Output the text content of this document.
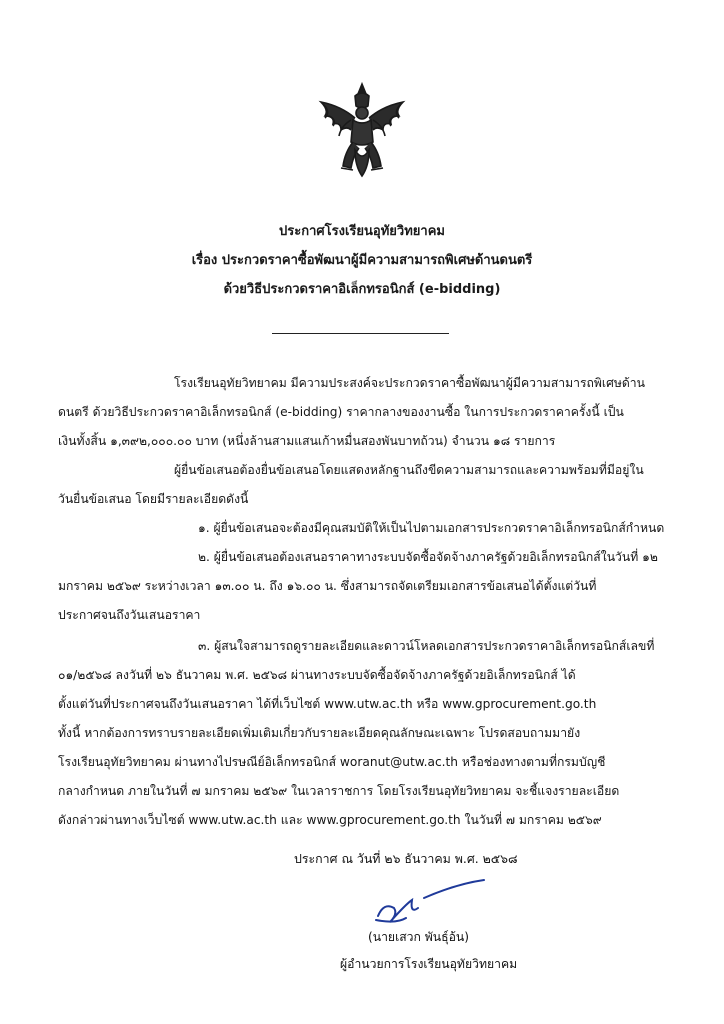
ประกาศโรงเรียนอุทัยวิทยาคม
เรื่อง ประกวดราคาซื้อพัฒนาผู้มีความสามารถพิเศษด้านดนตรี
ด้วยวิธีประกวดราคาอิเล็กทรอนิกส์ (e-bidding)
โรงเรียนอุทัยวิทยาคม มีความประสงค์จะประกวดราคาซื้อพัฒนาผู้มีความสามารถพิเศษด้าน
ดนตรี ด้วยวิธีประกวดราคาอิเล็กทรอนิกส์ (e-bidding) ราคากลางของงานซื้อ ในการประกวดราคาครั้งนี้ เป็น
เงินทั้งสิ้น ๑,๓๙๒,๐๐๐.๐๐ บาท (หนึ่งล้านสามแสนเก้าหมื่นสองพันบาทถ้วน) จำนวน ๑๘ รายการ
ผู้ยื่นข้อเสนอต้องยื่นข้อเสนอโดยแสดงหลักฐานถึงขีดความสามารถและความพร้อมที่มีอยู่ใน
วันยื่นข้อเสนอ โดยมีรายละเอียดดังนี้
๑. ผู้ยื่นข้อเสนอจะต้องมีคุณสมบัติให้เป็นไปตามเอกสารประกวดราคาอิเล็กทรอนิกส์กำหนด
๒. ผู้ยื่นข้อเสนอต้องเสนอราคาทางระบบจัดซื้อจัดจ้างภาครัฐด้วยอิเล็กทรอนิกส์ในวันที่ ๑๒
มกราคม ๒๕๖๙ ระหว่างเวลา ๑๓.๐๐ น. ถึง ๑๖.๐๐ น. ซึ่งสามารถจัดเตรียมเอกสารข้อเสนอได้ตั้งแต่วันที่
ประกาศจนถึงวันเสนอราคา
๓. ผู้สนใจสามารถดูรายละเอียดและดาวน์โหลดเอกสารประกวดราคาอิเล็กทรอนิกส์เลขที่
๐๑/๒๕๖๘ ลงวันที่ ๒๖ ธันวาคม พ.ศ. ๒๕๖๘ ผ่านทางระบบจัดซื้อจัดจ้างภาครัฐด้วยอิเล็กทรอนิกส์ ได้
ตั้งแต่วันที่ประกาศจนถึงวันเสนอราคา ได้ที่เว็บไซต์ www.utw.ac.th หรือ www.gprocurement.go.th
ทั้งนี้ หากต้องการทราบรายละเอียดเพิ่มเติมเกี่ยวกับรายละเอียดคุณลักษณะเฉพาะ โปรดสอบถามมายัง
โรงเรียนอุทัยวิทยาคม ผ่านทางไปรษณีย์อิเล็กทรอนิกส์ woranut@utw.ac.th หรือช่องทางตามที่กรมบัญชี
กลางกำหนด ภายในวันที่ ๗ มกราคม ๒๕๖๙ ในเวลาราชการ โดยโรงเรียนอุทัยวิทยาคม จะชี้แจงรายละเอียด
ดังกล่าวผ่านทางเว็บไซต์ www.utw.ac.th และ www.gprocurement.go.th ในวันที่ ๗ มกราคม ๒๕๖๙
ประกาศ ณ วันที่ ๒๖ ธันวาคม พ.ศ. ๒๕๖๘
(นายเสวก พันธุ์อ้น)
ผู้อำนวยการโรงเรียนอุทัยวิทยาคม
